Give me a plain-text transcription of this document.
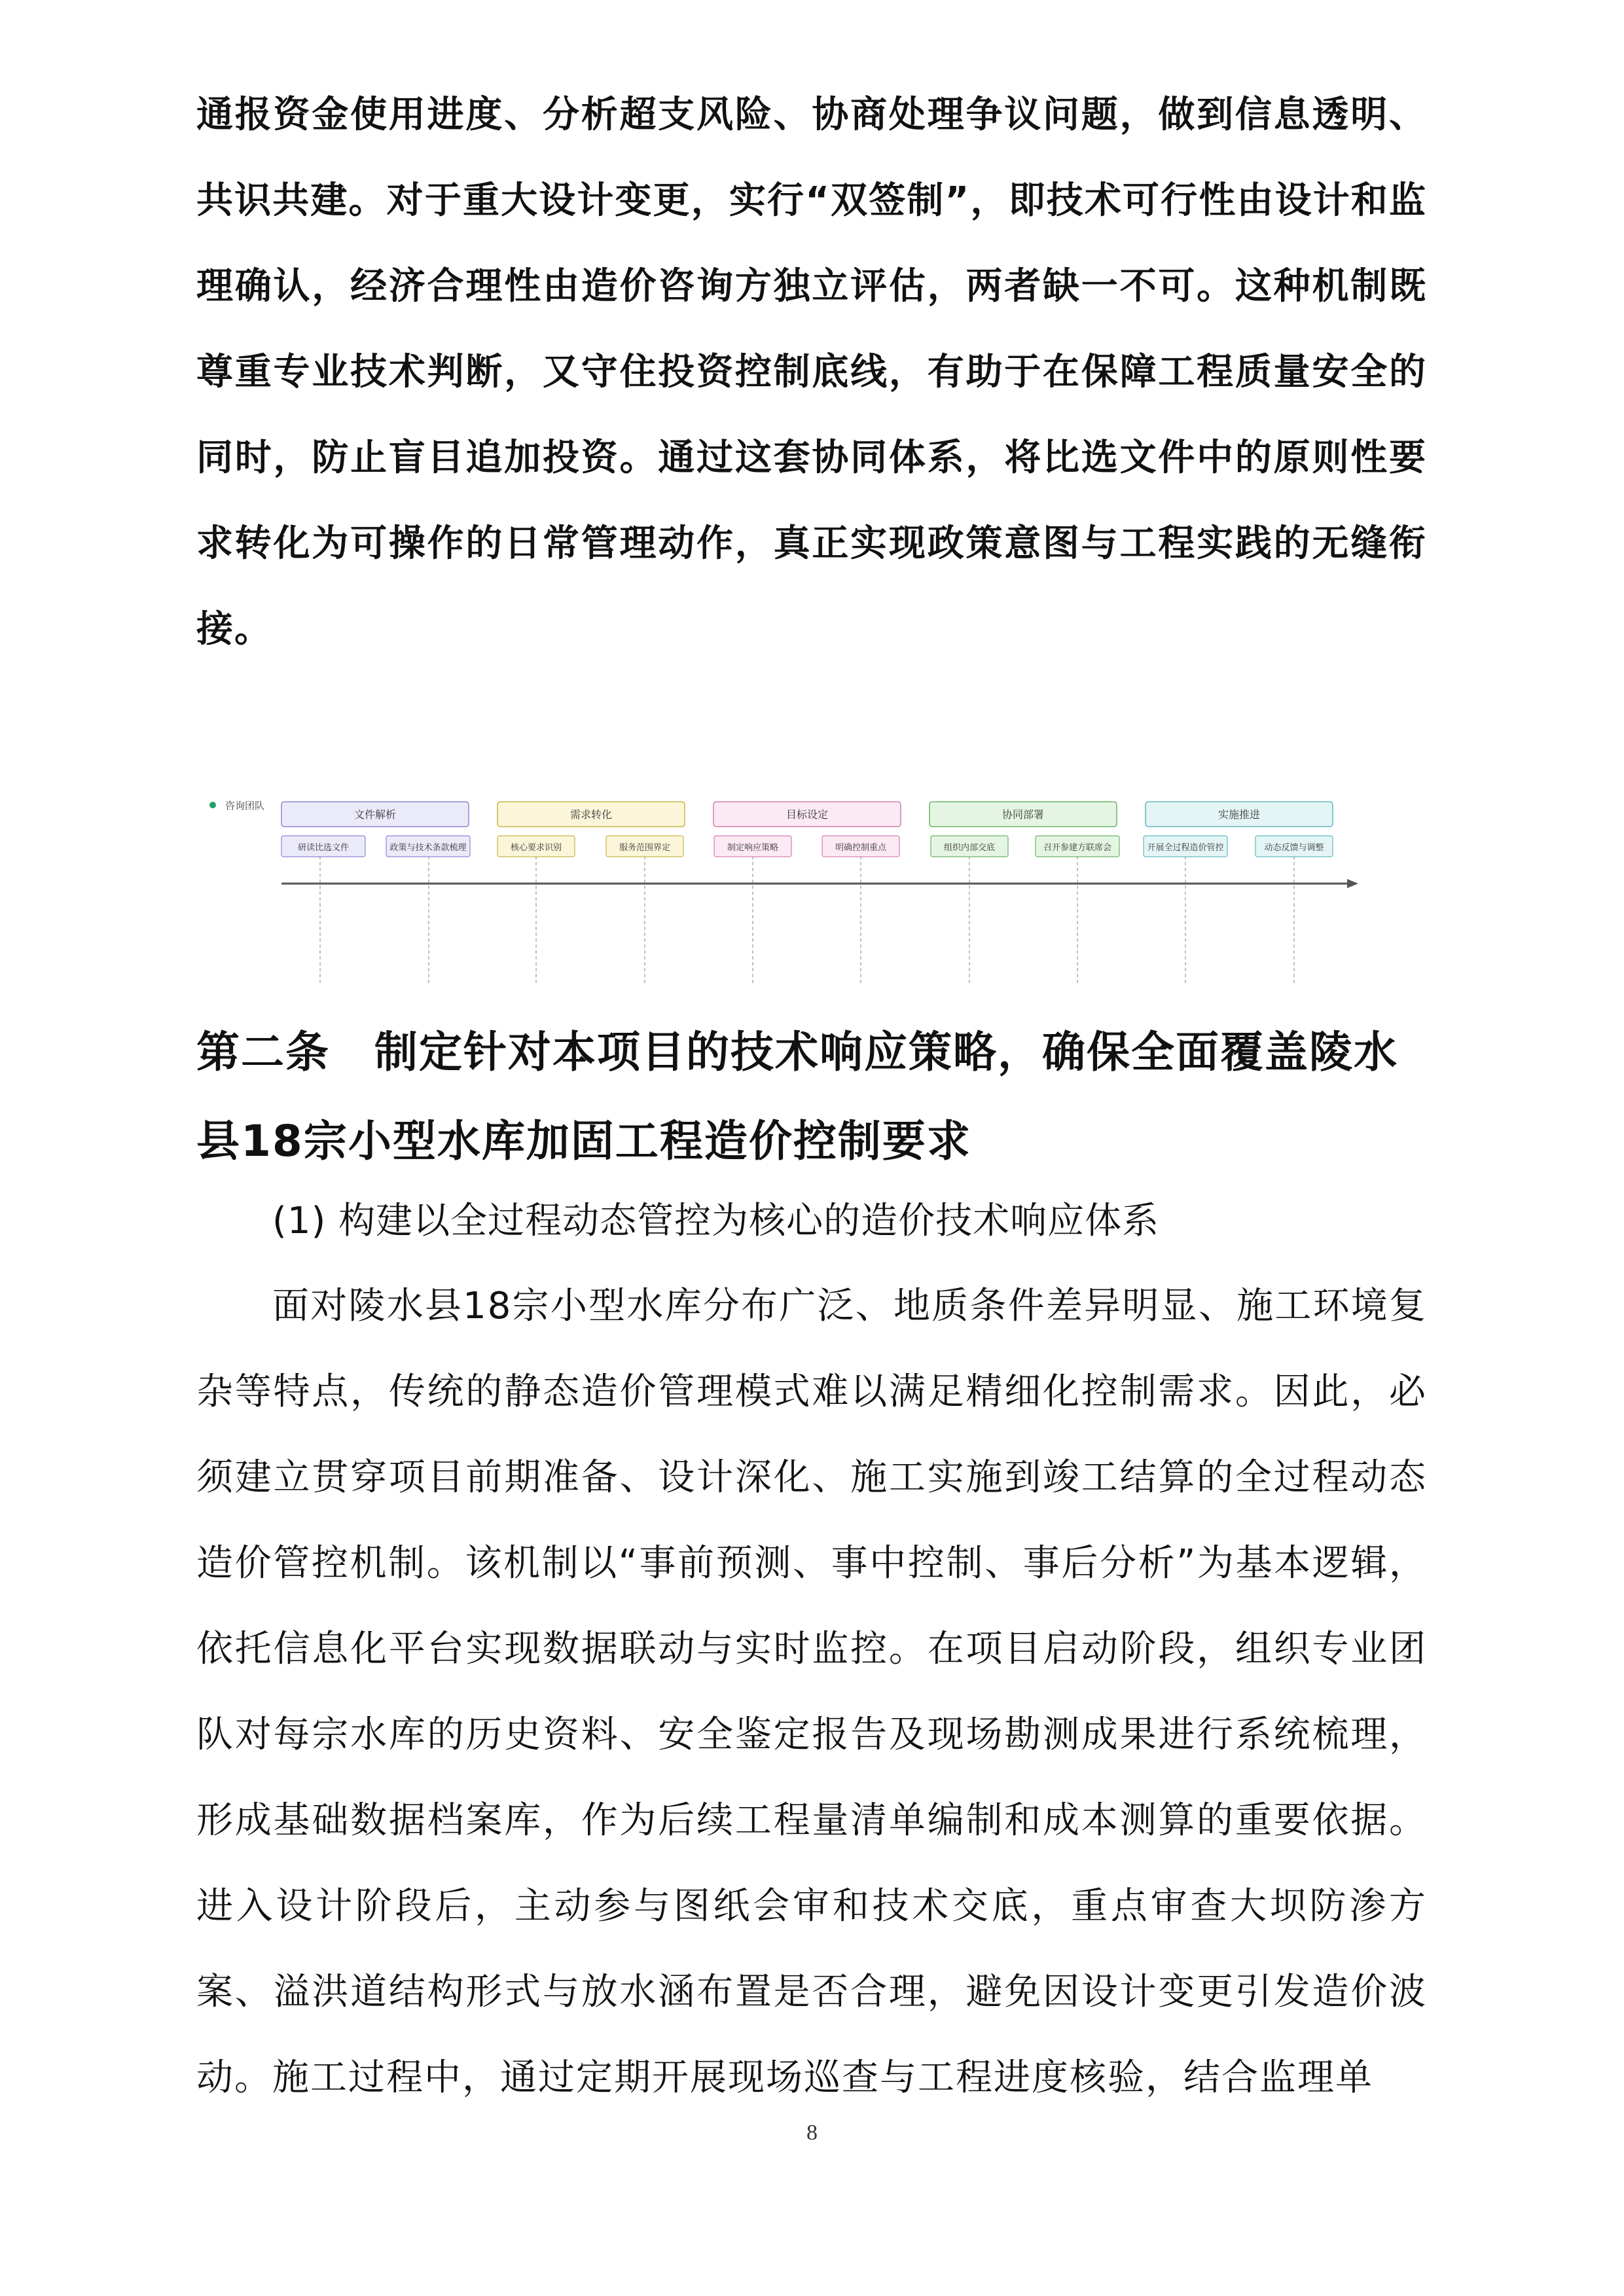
通报资金使用进度、分析超支风险、协商处理争议问题，做到信息透明、共识共建。对于重大设计变更，实行“双签制”，即技术可行性由设计和监理确认，经济合理性由造价咨询方独立评估，两者缺一不可。这种机制既尊重专业技术判断，又守住投资控制底线，有助于在保障工程质量安全的同时，防止盲目追加投资。通过这套协同体系，将比选文件中的原则性要求转化为可操作的日常管理动作，真正实现政策意图与工程实践的无缝衔接。

咨询团队
文件解析
研读比选文件	政策与技术条款梳理
需求转化
核心要求识别	服务范围界定
目标设定
制定响应策略	明确控制重点
协同部署
组织内部交底	召开参建方联席会
实施推进
开展全过程造价管控	动态反馈与调整
第二条　制定针对本项目的技术响应策略，确保全面覆盖陵水县18宗小型水库加固工程造价控制要求

(1) 构建以全过程动态管控为核心的造价技术响应体系

面对陵水县18宗小型水库分布广泛、地质条件差异明显、施工环境复杂等特点，传统的静态造价管理模式难以满足精细化控制需求。因此，必须建立贯穿项目前期准备、设计深化、施工实施到竣工结算的全过程动态造价管控机制。该机制以“事前预测、事中控制、事后分析”为基本逻辑，依托信息化平台实现数据联动与实时监控。在项目启动阶段，组织专业团队对每宗水库的历史资料、安全鉴定报告及现场勘测成果进行系统梳理，形成基础数据档案库，作为后续工程量清单编制和成本测算的重要依据。进入设计阶段后，主动参与图纸会审和技术交底，重点审查大坝防渗方案、溢洪道结构形式与放水涵布置是否合理，避免因设计变更引发造价波动。施工过程中，通过定期开展现场巡查与工程进度核验，结合监理单

8
